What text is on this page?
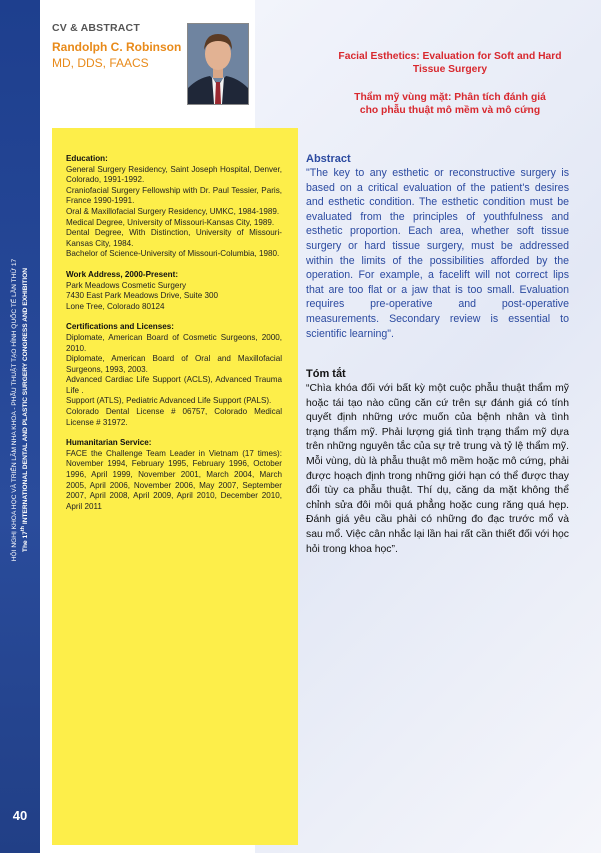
HỘI NGHỊ KHOA HỌC VÀ TRIỂN LÃM NHA KHOA - PHẪU THUẬT TẠO HÌNH QUỐC TẾ LẦN THỨ 17 The 17th INTERNATIONAL DENTAL AND PLASTIC SURGERY CONGRESS AND EXHIBITION
40
CV & ABSTRACT
Randolph C. Robinson
MD, DDS, FAACS
Education:
General Surgery Residency, Saint Joseph Hospital, Denver, Colorado, 1991-1992.
Craniofacial Surgery Fellowship with Dr. Paul Tessier, Paris, France 1990-1991.
Oral & Maxillofacial Surgery Residency, UMKC, 1984-1989.
Medical Degree, University of Missouri-Kansas City, 1989.
Dental Degree, With Distinction, University of Missouri-Kansas City, 1984.
Bachelor of Science-University of Missouri-Columbia, 1980.
Work Address, 2000-Present:
Park Meadows Cosmetic Surgery
7430 East Park Meadows Drive, Suite 300
Lone Tree, Colorado 80124
Certifications and Licenses:
Diplomate, American Board of Cosmetic Surgeons, 2000, 2010.
Diplomate, American Board of Oral and Maxillofacial Surgeons, 1993, 2003.
Advanced Cardiac Life Support (ACLS), Advanced Trauma Life .
Support (ATLS), Pediatric Advanced Life Support (PALS).
Colorado Dental License # 06757, Colorado Medical License # 31972.
Humanitarian Service:
FACE the Challenge Team Leader in Vietnam (17 times): November 1994, February 1995, February 1996, October 1996, April 1999, November 2001, March 2004, March 2005, April 2006, November 2006, May 2007, September 2007, April 2008, April 2009, April 2010, December 2010, April 2011
Facial Esthetics: Evaluation for Soft and Hard
Tissue Surgery
Thẩm mỹ vùng mặt: Phân tích đánh giá
cho phẫu thuật mô mềm và mô cứng
Abstract
"The key to any esthetic or reconstructive surgery is based on a critical evaluation of the patient's desires and esthetic condition. The esthetic condition must be evaluated from the principles of youthfulness and esthetic proportion. Each area, whether soft tissue surgery or hard tissue surgery, must be addressed within the limits of the possibilities afforded by the operation. For example, a facelift will not correct lips that are too flat or a jaw that is too small. Evaluation requires pre-operative and post-operative measurements. Secondary review is essential to scientific learning".
Tóm tắt
“Chìa khóa đối với bất kỳ một cuộc phẫu thuật thẩm mỹ hoặc tái tạo nào cũng căn cứ trên sự đánh giá có tính quyết định những ước muốn của bệnh nhân và tình trạng thẩm mỹ. Phải lượng giá tình trạng thẩm mỹ dựa trên những nguyên tắc của sự trẻ trung và tỷ lệ thẩm mỹ. Mỗi vùng, dù là phẫu thuật mô mềm hoặc mô cứng, phải được hoạch định trong những giới hạn có thể được thay đổi tùy ca phẫu thuật. Thí dụ, căng da mặt không thể chỉnh sửa đôi môi quá phẳng hoặc cung răng quá hẹp. Đánh giá yêu cầu phải có những đo đạc trước mổ và sau mổ. Việc cân nhắc lại lần hai rất cần thiết đối với học hỏi trong khoa học”.
